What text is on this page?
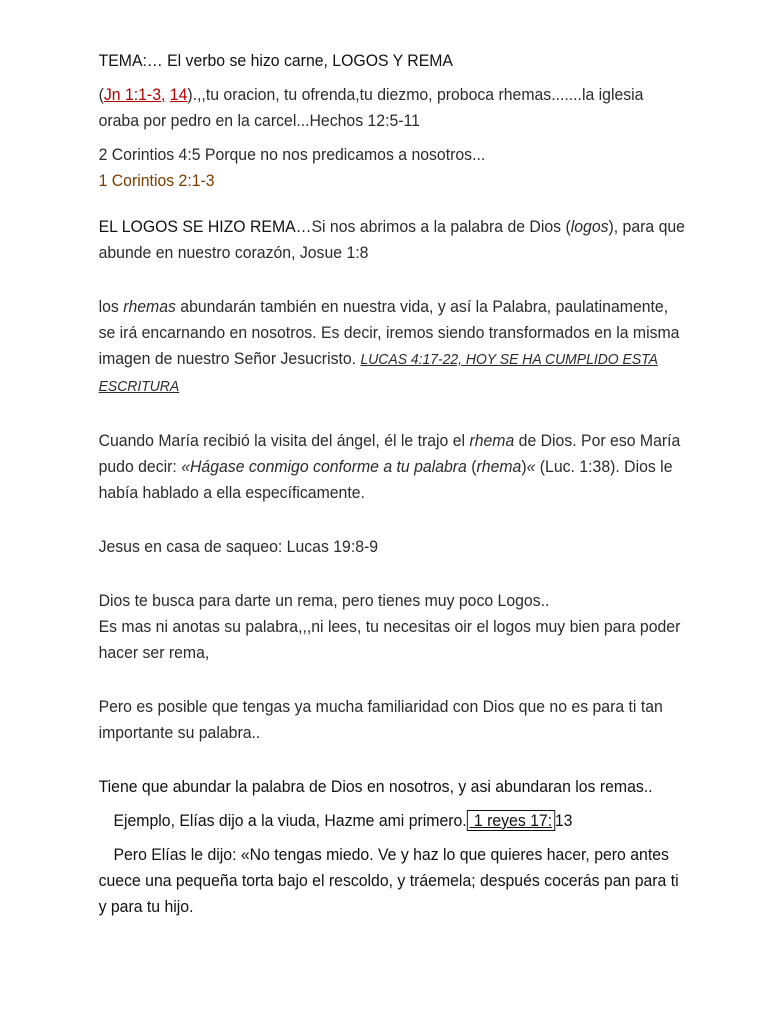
TEMA:… El verbo se hizo carne, LOGOS Y REMA

(Jn 1:1-3, 14).,,tu oracion, tu ofrenda,tu diezmo, proboca rhemas.......la iglesia
oraba por pedro en la carcel...Hechos 12:5-11

2 Corintios 4:5 Porque no nos predicamos a nosotros...
1 Corintios 2:1-3

EL LOGOS SE HIZO REMA…Si nos abrimos a la palabra de Dios (logos), para que
abunde en nuestro corazón, Josue 1:8

los rhemas abundarán también en nuestra vida, y así la Palabra, paulatinamente,
se irá encarnando en nosotros. Es decir, iremos siendo transformados en la misma
imagen de nuestro Señor Jesucristo. LUCAS 4:17-22, HOY SE HA CUMPLIDO ESTA
ESCRITURA

Cuando María recibió la visita del ángel, él le trajo el rhema de Dios. Por eso María
pudo decir: «Hágase conmigo conforme a tu palabra (rhema)« (Luc. 1:38). Dios le
había hablado a ella específicamente.

Jesus en casa de saqueo: Lucas 19:8-9

Dios te busca para darte un rema, pero tienes muy poco Logos..
Es mas ni anotas su palabra,,,ni lees, tu necesitas oir el logos muy bien para poder
hacer ser rema,

Pero es posible que tengas ya mucha familiaridad con Dios que no es para ti tan
importante su palabra..

Tiene que abundar la palabra de Dios en nosotros, y asi abundaran los remas..

Ejemplo, Elías dijo a la viuda, Hazme ami primero. 1 reyes 17: 13

Pero Elías le dijo: «No tengas miedo. Ve y haz lo que quieres hacer, pero antes
cuece una pequeña torta bajo el rescoldo, y tráemela; después cocerás pan para ti
y para tu hijo.
